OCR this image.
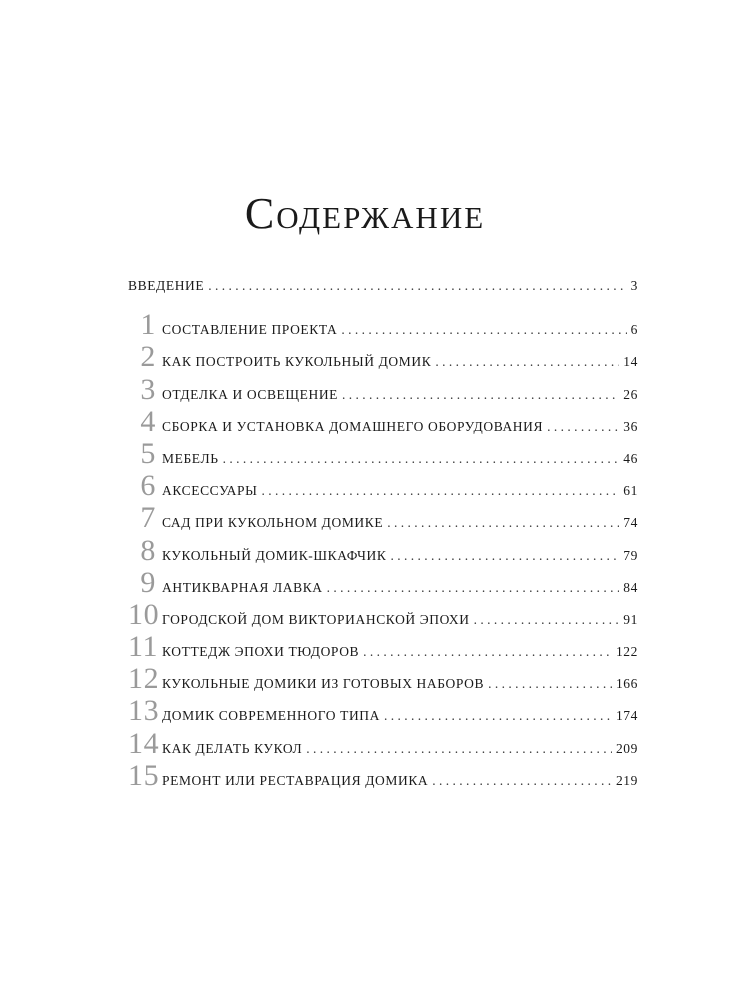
Содержание
ВВЕДЕНИЕ . . .	3
1 СОСТАВЛЕНИЕ ПРОЕКТА . . .	6
2 КАК ПОСТРОИТЬ КУКОЛЬНЫЙ ДОМИК . . .	14
3 ОТДЕЛКА И ОСВЕЩЕНИЕ . . .	26
4 СБОРКА И УСТАНОВКА ДОМАШНЕГО ОБОРУДОВАНИЯ . . .	36
5 МЕБЕЛЬ . . .	46
6 АКСЕССУАРЫ . . .	61
7 САД ПРИ КУКОЛЬНОМ ДОМИКЕ . . .	74
8 КУКОЛЬНЫЙ ДОМИК-ШКАФЧИК . . .	79
9 АНТИКВАРНАЯ ЛАВКА . . .	84
10 ГОРОДСКОЙ ДОМ ВИКТОРИАНСКОЙ ЭПОХИ . . .	91
11 КОТТЕДЖ ЭПОХИ ТЮДОРОВ . . .	122
12 КУКОЛЬНЫЕ ДОМИКИ ИЗ ГОТОВЫХ НАБОРОВ . . .	166
13 ДОМИК СОВРЕМЕННОГО ТИПА . . .	174
14 КАК ДЕЛАТЬ КУКОЛ . . .	209
15 РЕМОНТ ИЛИ РЕСТАВРАЦИЯ ДОМИКА . . .	219
